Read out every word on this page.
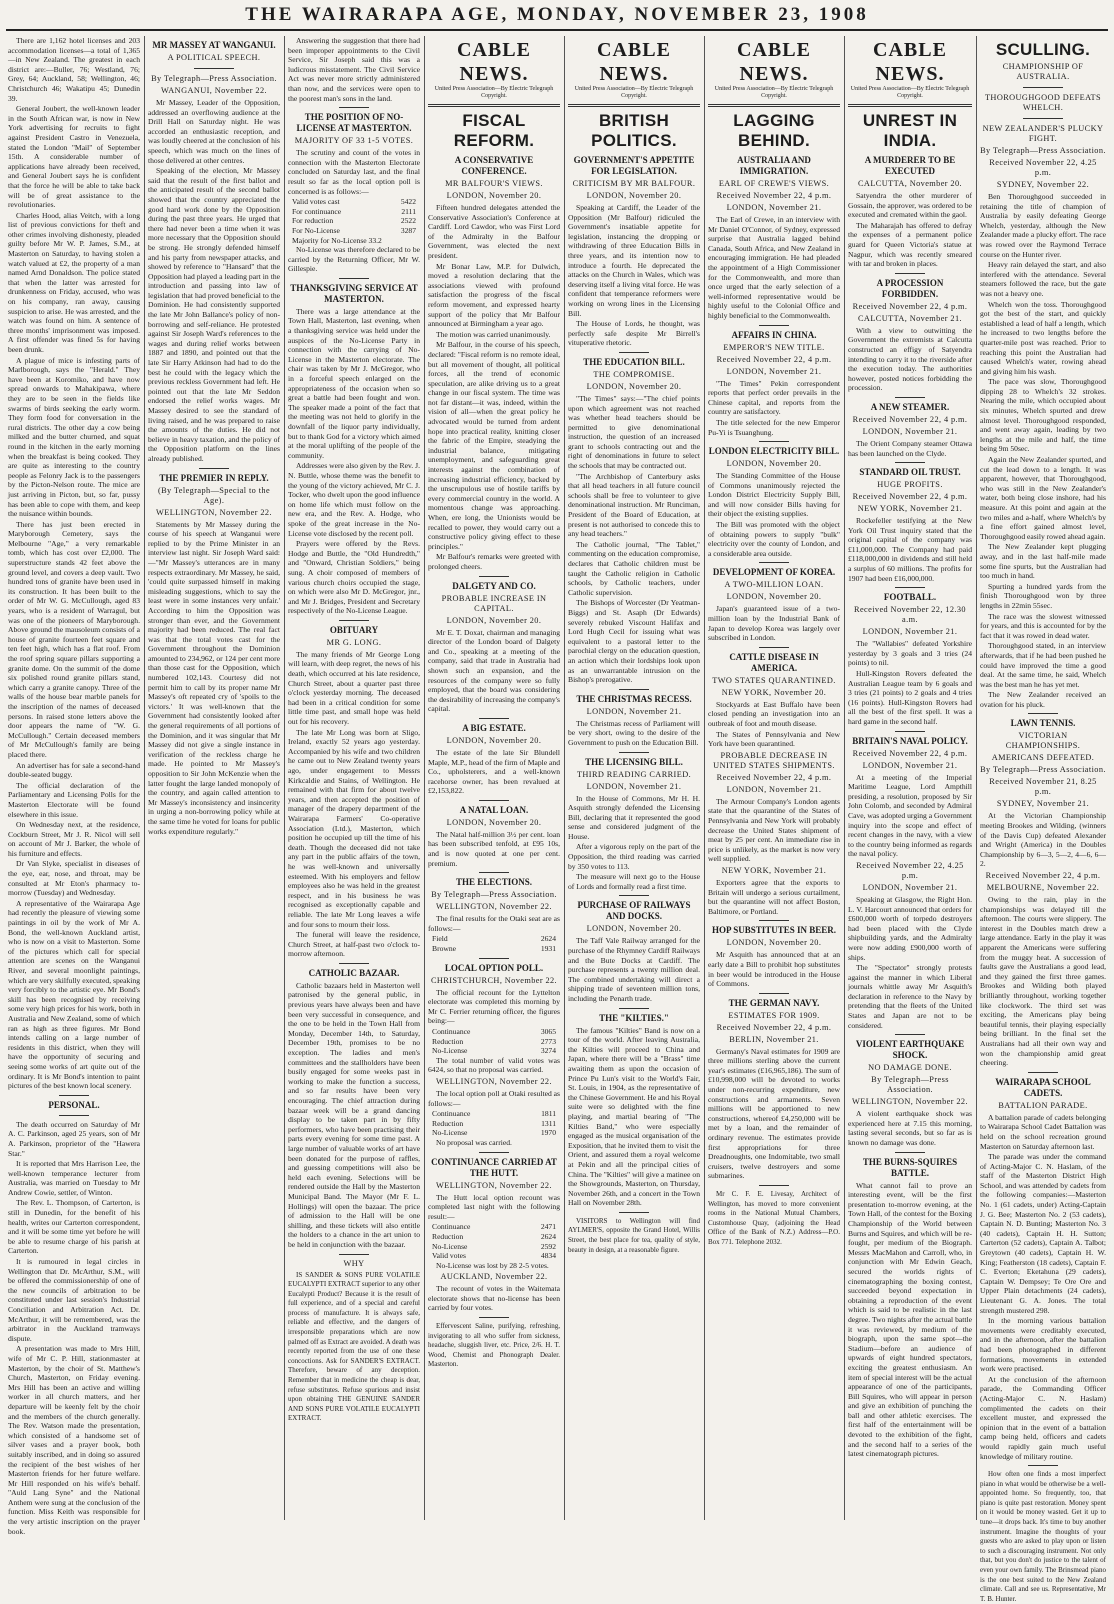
THE WAIRARAPA AGE, MONDAY, NOVEMBER 23, 1908

There are 1,162 hotel licenses and 203 accommodation licenses—a total of 1,365—in New Zealand. The greatest in each district are:—Buller, 76; Westland, 76; Grey, 64; Auckland, 58; Wellington, 46; Christchurch 46; Wakatipu 45; Dunedin 39.

General Joubert, the well-known leader in the South African war, is now in New York advertising for recruits to fight against President Castro in Venezuela, stated the London "Mail" of September 15th. A considerable number of applications have already been received, and General Joubert says he is confident that the force he will be able to take back will be of great assistance to the revolutionaries.

Charles Hood, alias Veitch, with a long list of previous convictions for theft and other crimes involving dishonesty, pleaded guilty before Mr W. P. James, S.M., at Masterton on Saturday, to having stolen a watch valued at £2, the property of a man named Arnd Donaldson. The police stated that when the latter was arrested for drunkenness on Friday, accused, who was on his company, ran away, causing suspicion to arise. He was arrested, and the watch was found on him. A sentence of three months' imprisonment was imposed. A first offender was fined 5s for having been drunk.

A plague of mice is infesting parts of Marlborough, says the "Herald." They have been at Koromiko, and have now spread onwards to Mahakipawa, where they are to be seen in the fields like swarms of birds seeking the early worm. They form food for conversation in the rural districts. The other day a cow being milked and the butter churned, and squat round in the kitchen in the early morning when the breakfast is being cooked. They are quite as interesting to the country people as Felonry Jack is to the passengers by the Picton-Nelson route. The mice are just arriving in Picton, but, so far, pussy has been able to cope with them, and keep the nuisance within bounds.

There has just been erected in Maryborough Cemetery, says the Melbourne "Age," a very remarkable tomb, which has cost over £2,000. The superstructure stands 42 feet above the ground level, and covers a deep vault. Two hundred tons of granite have been used in its construction. It has been built to the order of Mr W. G. McCullough, aged 83 years, who is a resident of Warragul, but was one of the pioneers of Maryborough. Above ground the mausoleum consists of a house of granite fourteen feet square and ten feet high, which has a flat roof. From the roof spring square pillars supporting a granite dome. On the summit of the dome six polished round granite pillars stand, which carry a granite canopy. Three of the walls of the house bear marble panels for the inscription of the names of deceased persons. In raised stone letters above the door appears the name of "W. G. McCullough." Certain deceased members of Mr McCullough's family are being placed there.

An advertiser has for sale a second-hand double-seated buggy.

The official declaration of the Parliamentary and Licensing Polls for the Masterton Electorate will be found elsewhere in this issue.

On Wednesday next, at the residence, Cockburn Street, Mr J. R. Nicol will sell on account of Mr J. Barker, the whole of his furniture and effects.

Dr Van Slyke, specialist in diseases of the eye, ear, nose, and throat, may be consulted at Mr Eton's pharmacy to-morrow (Tuesday) and Wednesday.

A representative of the Wairarapa Age had recently the pleasure of viewing some paintings in oil by the work of Mr A. Bond, the well-known Auckland artist, who is now on a visit to Masterton. Some of the pictures which call for special attention are scenes on the Wanganui River, and several moonlight paintings, which are very skilfully executed, speaking very forcibly to the artistic eye. Mr Bond's skill has been recognised by receiving some very high prices for his work, both in Australia and New Zealand, some of which ran as high as three figures. Mr Bond intends calling on a large number of residents in this district, when they will have the opportunity of securing and seeing some works of art quite out of the ordinary. It is Mr Bond's intention to paint pictures of the best known local scenery.

PERSONAL.

The death occurred on Saturday of Mr A. C. Parkinson, aged 25 years, son of Mr A. Parkinson, proprietor of the "Hawera Star."

It is reported that Mrs Harrison Lee, the well-known temperance lecturer from Australia, was married on Tuesday to Mr Andrew Cowie, settler, of Winton.

The Rev. L. Thompson, of Carterton, is still in Dunedin, for the benefit of his health, writes our Carterton correspondent, and it will be some time yet before he will be able to resume charge of his parish at Carterton.

It is rumoured in legal circles in Wellington that Dr. McArthur, S.M., will be offered the commissionership of one of the new councils of arbitration to be constituted under last session's Industrial Conciliation and Arbitration Act. Dr. McArthur, it will be remembered, was the arbitrator in the Auckland tramways dispute.

A presentation was made to Mrs Hill, wife of Mr C. P. Hill, stationmaster at Masterton, by the choir of St. Matthew's Church, Masterton, on Friday evening. Mrs Hill has been an active and willing worker in all church matters, and her departure will be keenly felt by the choir and the members of the church generally. The Rev. Watson made the presentation, which consisted of a handsome set of silver vases and a prayer book, both suitably inscribed, and in doing so assured the recipient of the best wishes of her Masterton friends for her future welfare. Mr Hill responded on his wife's behalf. "Auld Lang Syne" and the National Anthem were sung at the conclusion of the function. Miss Keith was responsible for the very artistic inscription on the prayer book.

MR MASSEY AT WANGANUI.
A POLITICAL SPEECH.
By Telegraph—Press Association.
WANGANUI, November 22.

Mr Massey, Leader of the Opposition, addressed an overflowing audience at the Drill Hall on Saturday night. He was accorded an enthusiastic reception, and was loudly cheered at the conclusion of his speech, which was much on the lines of those delivered at other centres.

Speaking of the election, Mr Massey said that the result of the first ballot and the anticipated result of the second ballot showed that the country appreciated the good hard work done by the Opposition during the past three years. He urged that there had never been a time when it was more necessary that the Opposition should be strong. He strongly defended himself and his party from newspaper attacks, and showed by reference to "Hansard" that the Opposition had played a leading part in the introduction and passing into law of legislation that had proved beneficial to the Dominion. He had consistently supported the late Mr John Ballance's policy of non-borrowing and self-reliance. He protested against Sir Joseph Ward's references to the wages and during relief works between 1887 and 1890, and pointed out that the late Sir Harry Atkinson had had to do the best he could with the legacy which the previous reckless Government had left. He pointed out that the late Mr Seddon endorsed the relief works wages. Mr Massey desired to see the standard of living raised, and he was prepared to raise the amounts of the duties. He did not believe in heavy taxation, and the policy of the Opposition platform on the lines already published.

THE PREMIER IN REPLY.
(By Telegraph—Special to the Age).
WELLINGTON, November 22.

Statements by Mr Massey during the course of his speech at Wanganui were replied to by the Prime Minister in an interview last night. Sir Joseph Ward said:—"Mr Massey's utterances are in many respects extraordinary. Mr Massey, he said, 'could quite surpassed himself in making misleading suggestions, which to say the least were in some instances very unfair.' According to him the Opposition was stronger than ever, and the Government majority had been reduced. The real fact was that the total votes cast for the Government throughout the Dominion amounted to 234,962, or 124 per cent more than those cast for the Opposition, which numbered 102,143. Courtesy did not permit him to call by its proper name Mr Massey's oft repeated cry of 'spoils to the victors.' It was well-known that the Government had consistently looked after the general requirements of all portions of the Dominion, and it was singular that Mr Massey did not give a single instance in verification of the reckless charge he made. He pointed to Mr Massey's opposition to Sir John McKenzie when the latter fought the large landed monopoly of the country, and again called attention to Mr Massey's inconsistency and insincerity in urging a non-borrowing policy while at the same time he voted for loans for public works expenditure regularly."

Answering the suggestion that there had been improper appointments to the Civil Service, Sir Joseph said this was a ludicrous misstatement. The Civil Service Act was never more strictly administered than now, and the services were open to the poorest man's sons in the land.

THE POSITION OF NO-LICENSE AT MASTERTON.
MAJORITY OF 33 1-5 VOTES.

The scrutiny and count of the votes in connection with the Masterton Electorate concluded on Saturday last, and the final result so far as the local option poll is concerned is as follows:—

Valid votes cast	5422
For continuance	2111
For reduction	2522
For No-License	3287
Majority for No-License 33.2

No-License was therefore declared to be carried by the Returning Officer, Mr W. Gillespie.

THANKSGIVING SERVICE AT MASTERTON.

There was a large attendance at the Town Hall, Masterton, last evening, when a thanksgiving service was held under the auspices of the No-License Party in connection with the carrying of No-License in the Masterton electorate. The chair was taken by Mr J. McGregor, who in a forceful speech enlarged on the appropriateness of the occasion when so great a battle had been fought and won. The speaker made a point of the fact that the meeting was not held to glorify in the downfall of the liquor party individually, but to thank God for a victory which aimed at the moral uplifting of the people of the community.

Addresses were also given by the Rev. J. N. Buttle, whose theme was the benefit to the young of the victory achieved, Mr C. J. Tocker, who dwelt upon the good influence on home life which must follow on the new era, and the Rev. A. Hodge, who spoke of the great increase in the No-License vote disclosed by the recent poll.

Prayers were offered by the Revs. Hodge and Buttle, the "Old Hundredth," and "Onward, Christian Soldiers," being sung. A choir composed of members of various church choirs occupied the stage, on which were also Mr D. McGregor, jnr., and Mr J. Bridges, President and Secretary respectively of the No-License League.

OBITUARY
MR G. LONG.

The many friends of Mr George Long will learn, with deep regret, the news of his death, which occurred at his late residence, Church Street, about a quarter past three o'clock yesterday morning. The deceased had been in a critical condition for some little time past, and small hope was held out for his recovery.

The late Mr Long was born at Sligo, Ireland, exactly 52 years ago yesterday. Accompanied by his wife and two children he came out to New Zealand twenty years ago, under engagement to Messrs Kirkcaldie and Stains, of Wellington. He remained with that firm for about twelve years, and then accepted the position of manager of the drapery department of the Wairarapa Farmers' Co-operative Association (Ltd.), Masterton, which position he occupied up till the time of his death. Though the deceased did not take any part in the public affairs of the town, he was well-known and universally esteemed. With his employers and fellow employees also he was held in the greatest respect, and in his business he was recognised as exceptionally capable and reliable. The late Mr Long leaves a wife and four sons to mourn their loss.

The funeral will leave the residence, Church Street, at half-past two o'clock to-morrow afternoon.

CATHOLIC BAZAAR.

Catholic bazaars held in Masterton well patronised by the general public, in previous years have always been and have been very successful in consequence, and the one to be held in the Town Hall from Monday, December 14th, to Saturday, December 19th, promises to be no exception. The ladies and men's committees and the stallholders have been busily engaged for some weeks past in working to make the function a success, and so far results have been very encouraging. The chief attraction during bazaar week will be a grand dancing display to be taken part in by fifty performers, who have been practising their parts every evening for some time past. A large number of valuable works of art have been donated for the purpose of raffles, and guessing competitions will also be held each evening. Selections will be rendered outside the Hall by the Masterton Municipal Band. The Mayor (Mr F. L. Hollings) will open the bazaar. The price of admission to the Hall will be one shilling, and these tickets will also entitle the holders to a chance in the art union to be held in conjunction with the bazaar.

WHY

IS SANDER & SONS PURE VOLATILE EUCALYPTI EXTRACT superior to any other Eucalypti Product? Because it is the result of full experience, and of a special and careful process of manufacture. It is always safe, reliable and effective, and the dangers of irresponsible preparations which are now palmed off as Extract are avoided. A death was recently reported from the use of one these concoctions. Ask for SANDER'S EXTRACT. Therefore, beware of any deception. Remember that in medicine the cheap is dear, refuse substitutes. Refuse spurious and insist upon obtaining THE GENUINE SANDER AND SONS PURE VOLATILE EUCALYPTI EXTRACT.

CABLE NEWS.
United Press Association—By Electric Telegraph Copyright.
FISCAL REFORM.
A CONSERVATIVE CONFERENCE.
MR BALFOUR'S VIEWS.
LONDON, November 20.

Fifteen hundred delegates attended the Conservative Association's Conference at Cardiff. Lord Cawdor, who was First Lord of the Admiralty in the Balfour Government, was elected the next president.

Mr Bonar Law, M.P. for Dulwich, moved a resolution declaring that the associations viewed with profound satisfaction the progress of the fiscal reform movement, and expressed hearty support of the policy that Mr Balfour announced at Birmingham a year ago.

The motion was carried unanimously.

Mr Balfour, in the course of his speech, declared: "Fiscal reform is no remote ideal, but all movement of thought, all political forces, all the trend of economic speculation, are alike driving us to a great change in our fiscal system. The time was not far distant—it was, indeed, within the vision of all—when the great policy he advocated would be turned from ardent hope into practical reality, knitting closer the fabric of the Empire, steadying the industrial balance, mitigating unemployment, and safeguarding great interests against the combination of increasing industrial efficiency, backed by the unscrupulous use of hostile tariffs by every commercial country in the world. A momentous change was approaching. When, ere long, the Unionists would be recalled to power, they would carry out a constructive policy giving effect to these principles."

Mr Balfour's remarks were greeted with prolonged cheers.

DALGETY AND CO.
PROBABLE INCREASE IN CAPITAL.
LONDON, November 20.

Mr E. T. Doxat, chairman and managing director of the London board of Dalgety and Co., speaking at a meeting of the company, said that trade in Australia had shown such an expansion, and the resources of the company were so fully employed, that the board was considering the desirability of increasing the company's capital.

A BIG ESTATE.
LONDON, November 20.

The estate of the late Sir Blundell Maple, M.P., head of the firm of Maple and Co., upholsterers, and a well-known racehorse owner, has been revalued at £2,153,822.

A NATAL LOAN.
LONDON, November 20.

The Natal half-million 3½ per cent. loan has been subscribed tenfold, at £95 10s, and is now quoted at one per cent. premium.

THE ELECTIONS.
By Telegraph—Press Association.
WELLINGTON, November 22.

The final results for the Otaki seat are as follows:—

Field	2624
Browne	1931
LOCAL OPTION POLL.
CHRISTCHURCH, November 22.

The official recount for the Lyttelton electorate was completed this morning by Mr C. Ferrier returning officer, the figures being:—

Continuance	3065
Reduction	2773
No-License	3274

The total number of valid votes was 6424, so that no proposal was carried.

WELLINGTON, November 22.

The local option poll at Otaki resulted as follows:—

Continuance	1811
Reduction	1311
No-License	1970

No proposal was carried.

CONTINUANCE CARRIED AT THE HUTT.
WELLINGTON, November 22.

The Hutt local option recount was completed last night with the following result:—

Continuance	2471
Reduction	2624
No-License	2592
Valid votes	4834

No-License was lost by 28 2-5 votes.

AUCKLAND, November 22.

The recount of votes in the Waitemata electorate shows that no-license has been carried by four votes.

Effervescent Saline, purifying, refreshing, invigorating to all who suffer from sickness, headache, sluggish liver, etc. Price, 2/6. H. T. Wood, Chemist and Phonograph Dealer. Masterton.

CABLE NEWS.
United Press Association—By Electric Telegraph Copyright.
BRITISH POLITICS.
GOVERNMENT'S APPETITE FOR LEGISLATION.
CRITICISM BY MR BALFOUR.
LONDON, November 20.

Speaking at Cardiff, the Leader of the Opposition (Mr Balfour) ridiculed the Government's insatiable appetite for legislation, instancing the dropping or withdrawing of three Education Bills in three years, and its intention now to introduce a fourth. He deprecated the attacks on the Church in Wales, which was deserving itself a living vital force. He was confident that temperance reformers were working on wrong lines in the Licensing Bill.

The House of Lords, he thought, was perfectly safe despite Mr Birrell's vituperative rhetoric.

THE EDUCATION BILL.
THE COMPROMISE.
LONDON, November 20.

"The Times" says:—"The chief points upon which agreement was not reached was whether head teachers should be permitted to give denominational instruction, the question of an increased grant to schools contracting out and the right of denominations in future to select the schools that may be contracted out.

"The Archbishop of Canterbury asks that all head teachers in all future council schools shall be free to volunteer to give denominational instruction. Mr Runciman, President of the Board of Education, at present is not authorised to concede this to any head teachers."

The Catholic journal, "The Tablet," commenting on the education compromise, declares that Catholic children must be taught the Catholic religion in Catholic schools, by Catholic teachers, under Catholic supervision.

The Bishops of Worcester (Dr Yeatman-Biggs) and St. Asaph (Dr Edwards) severely rebuked Viscount Halifax and Lord Hugh Cecil for issuing what was equivalent to a pastoral letter to the parochial clergy on the education question, an action which their lordships look upon as an unwarrantable intrusion on the Bishop's prerogative.

THE CHRISTMAS RECESS.
LONDON, November 21.

The Christmas recess of Parliament will be very short, owing to the desire of the Government to push on the Education Bill.

THE LICENSING BILL.
THIRD READING CARRIED.
LONDON, November 21.

In the House of Commons, Mr H. H. Asquith strongly defended the Licensing Bill, declaring that it represented the good sense and considered judgment of the House.

After a vigorous reply on the part of the Opposition, the third reading was carried by 350 votes to 113.

The measure will next go to the House of Lords and formally read a first time.

PURCHASE OF RAILWAYS AND DOCKS.
LONDON, November 20.

The Taff Vale Railway arranged for the purchase of the Rhymney Cardiff Railways and the Bute Docks at Cardiff. The purchase represents a twenty million deal. The combined undertaking will direct a shipping trade of seventeen million tons, including the Penarth trade.

THE "KILTIES."

The famous "Kilties" Band is now on a tour of the world. After leaving Australia, the Kilties will proceed to China and Japan, where there will be a "Brass" time awaiting them as upon the occasion of Prince Pu Lun's visit to the World's Fair, St. Louis, in 1904, as the representative of the Chinese Government. He and his Royal suite were so delighted with the fine playing, and martial bearing of "The Kilties Band," who were especially engaged as the musical organisation of the Exposition, that he invited them to visit the Orient, and assured them a royal welcome at Pekin and all the principal cities of China. The "Kilties" will give a matinee on the Showgrounds, Masterton, on Thursday, November 26th, and a concert in the Town Hall on November 28th.

VISITORS to Wellington will find AYLMER'S, opposite the Grand Hotel, Willis Street, the best place for tea, quality of style, beauty in design, at a reasonable figure.

CABLE NEWS.
United Press Association—By Electric Telegraph Copyright.
LAGGING BEHIND.
AUSTRALIA AND IMMIGRATION.
EARL OF CREWE'S VIEWS.
Received November 22, 4 p.m.
LONDON, November 21.

The Earl of Crewe, in an interview with Mr Daniel O'Connor, of Sydney, expressed surprise that Australia lagged behind Canada, South Africa, and New Zealand in encouraging immigration. He had pleaded the appointment of a High Commissioner for the Commonwealth, and more than once urged that the early selection of a well-informed representative would be highly useful to the Colonial Office and highly beneficial to the Commonwealth.

AFFAIRS IN CHINA.
EMPEROR'S NEW TITLE.
Received November 22, 4 p.m.
LONDON, November 21.

"The Times" Pekin correspondent reports that perfect order prevails in the Chinese capital, and reports from the country are satisfactory.

The title selected for the new Emperor Pu-Yi is Tsuanghung.

LONDON ELECTRICITY BILL.
LONDON, November 20.

The Standing Committee of the House of Commons unanimously rejected the London District Electricity Supply Bill, and will now consider Bills having for their object the existing supplies.

The Bill was promoted with the object of obtaining powers to supply "bulk" electricity over the county of London, and a considerable area outside.

DEVELOPMENT OF KOREA.
A TWO-MILLION LOAN.
LONDON, November 20.

Japan's guaranteed issue of a two-million loan by the Industrial Bank of Japan to develop Korea was largely over subscribed in London.

CATTLE DISEASE IN AMERICA.
TWO STATES QUARANTINED.
NEW YORK, November 20.

Stockyards at East Buffalo have been closed pending an investigation into an outbreak of foot and mouth disease.

The States of Pennsylvania and New York have been quarantined.

PROBABLE DECREASE IN UNITED STATES SHIPMENTS.
Received November 22, 4 p.m.
LONDON, November 21.

The Armour Company's London agents state that the quarantine of the States of Pennsylvania and New York will probably decrease the United States shipment of meat by 25 per cent. An immediate rise in price is unlikely, as the market is now very well supplied.

NEW YORK, November 21.

Exporters agree that the exports to Britain will undergo a serious curtailment, but the quarantine will not affect Boston, Baltimore, or Portland.

HOP SUBSTITUTES IN BEER.
LONDON, November 20.

Mr Asquith has announced that at an early date a Bill to prohibit hop substitutes in beer would be introduced in the House of Commons.

THE GERMAN NAVY.
ESTIMATES FOR 1909.
Received November 22, 4 p.m.
BERLIN, November 21.

Germany's Naval estimates for 1909 are three millions sterling above the current year's estimates (£16,965,186). The sum of £10,998,000 will be devoted to works under non-recurring expenditure, new constructions and armaments. Seven millions will be apportioned to new constructions, whereof £4,250,000 will be met by a loan, and the remainder of ordinary revenue. The estimates provide first appropriations for three Dreadnoughts, one Indomitable, two small cruisers, twelve destroyers and some submarines.

Mr C. F. E. Livesay, Architect of Wellington, has moved to more convenient rooms in the National Mutual Chambers, Customhouse Quay, (adjoining the Head Office of the Bank of N.Z.) Address—P.O. Box 771. Telephone 2032.

CABLE NEWS.
United Press Association—By Electric Telegraph Copyright.
UNREST IN INDIA.
A MURDERER TO BE EXECUTED
CALCUTTA, November 20.

Satyendra the other murderer of Gossain, the approver, was ordered to be executed and cremated within the gaol.

The Maharajah has offered to defray the expenses of a permanent police guard for Queen Victoria's statue at Nagpur, which was recently smeared with tar and broken in places.

A PROCESSION FORBIDDEN.
Received November 22, 4 p.m.
CALCUTTA, November 21.

With a view to outwitting the Government the extremists at Calcutta constructed an effigy of Satyendra intending to carry it to the riverside after the execution today. The authorities however, posted notices forbidding the procession.

A NEW STEAMER.
Received November 22, 4 p.m.
LONDON, November 21.

The Orient Company steamer Ottawa has been launched on the Clyde.

STANDARD OIL TRUST.
HUGE PROFITS.
Received November 22, 4 p.m.
NEW YORK, November 21.

Rockefeller testifying at the New York Oil Trust inquiry stated that the original capital of the company was £11,000,000. The Company had paid £118,000,000 in dividends and still held a surplus of 60 millions. The profits for 1907 had been £16,000,000.

FOOTBALL.
Received November 22, 12.30 a.m.
LONDON, November 21.

The "Wallabies" defeated Yorkshire yesterday by 3 goals and 3 tries (24 points) to nil.

Hull-Kingston Rovers defeated the Australian League team by 6 goals and 3 tries (21 points) to 2 goals and 4 tries (16 points). Hull-Kingston Rovers had all the best of the first spell. It was a hard game in the second half.

BRITAIN'S NAVAL POLICY.
Received November 22, 4 p.m.
LONDON, November 21.

At a meeting of the Imperial Maritime League, Lord Ampthill presiding, a resolution, proposed by Sir John Colomb, and seconded by Admiral Cave, was adopted urging a Government inquiry into the scope and effect of recent changes in the navy, with a view to the country being informed as regards the naval policy.

Received November 22, 4.25 p.m.
LONDON, November 21.

Speaking at Glasgow, the Right Hon. L. V. Harcourt announced that orders for £600,000 worth of torpedo destroyers had been placed with the Clyde shipbuilding yards, and the Admiralty were now adding £900,000 worth of ships.

The "Spectator" strongly protests against the manner in which Liberal journals whittle away Mr Asquith's declaration in reference to the Navy by pretending that the fleets of the United States and Japan are not to be considered.

VIOLENT EARTHQUAKE SHOCK.
NO DAMAGE DONE.
By Telegraph—Press Association.
WELLINGTON, November 22.

A violent earthquake shock was experienced here at 7.15 this morning, lasting several seconds, but so far as is known no damage was done.

THE BURNS-SQUIRES BATTLE.

What cannot fail to prove an interesting event, will be the first presentation to-morrow evening, at the Town Hall, of the contest for the Boxing Championship of the World between Burns and Squires, and which will be re-fought, per medium of the Biograph. Messrs MacMahon and Carroll, who, in conjunction with Mr Edwin Geach, secured the worlds rights of cinematographing the boxing contest, succeeded beyond expectation in obtaining a reproduction of the event which is said to be realistic in the last degree. Two nights after the actual battle it was reviewed, by medium of the biograph, upon the same spot—the Stadium—before an audience of upwards of eight hundred spectators, exciting the greatest enthusiasm. An item of special interest will be the actual appearance of one of the participants, Bill Squires, who will appear in person and give an exhibition of punching the ball and other athletic exercises. The first half of the entertainment will be devoted to the exhibition of the fight, and the second half to a series of the latest cinematograph pictures.

SCULLING.
CHAMPIONSHIP OF AUSTRALIA.
THOROUGHGOOD DEFEATS WHELCH.
NEW ZEALANDER'S PLUCKY FIGHT.
By Telegraph—Press Association.
Received November 22, 4.25 p.m.
SYDNEY, November 22.

Ben Thoroughgood succeeded in retaining the title of champion of Australia by easily defeating George Whelch, yesterday, although the New Zealander made a plucky effort. The race was rowed over the Raymond Terrace course on the Hunter river.

Heavy rain delayed the start, and also interfered with the attendance. Several steamers followed the race, but the gate was not a heavy one.

Whelch won the toss. Thoroughgood got the best of the start, and quickly established a lead of half a length, which he increased to two lengths before the quarter-mile post was reached. Prior to reaching this point the Australian had caused Whelch's water, rowing ahead and giving him his wash.

The pace was slow, Thoroughgood dipping 28 to Whelch's 32 strokes. Nearing the mile, which occupied about six minutes, Whelch spurted and drew almost level. Thoroughgood responded, and went away again, leading by two lengths at the mile and half, the time being 9m 50sec.

Again the New Zealander spurted, and cut the lead down to a length. It was apparent, however, that Thoroughgood, who was still in the New Zealander's water, both being close inshore, had his measure. At this point and again at the two miles and a-half, where Whelch's by a fine effort gained almost level, Thoroughgood easily rowed ahead again.

The New Zealander kept plugging away, and in the last half-mile made some fine spurts, but the Australian had too much in hand.

Spurting a hundred yards from the finish Thoroughgood won by three lengths in 22min 55sec.

The race was the slowest witnessed for years, and this is accounted for by the fact that it was rowed in dead water.

Thoroughgood stated, in an interview afterwards, that if he had been pushed he could have improved the time a good deal. At the same time, he said, Whelch was the best man he has yet met.

The New Zealander received an ovation for his pluck.

LAWN TENNIS.
VICTORIAN CHAMPIONSHIPS.
AMERICANS DEFEATED.
By Telegraph—Press Association.
Received November 21, 8.25 p.m.
SYDNEY, November 21.

At the Victorian Championship meeting Brookes and Wilding, (winners of the Davis Cup) defeated Alexander and Wright (America) in the Doubles Championship by 6—3, 5—2, 4—6, 6—2.

Received November 22, 4 p.m.
MELBOURNE, November 22.

Owing to the rain, play in the championships was delayed till the afternoon. The courts were slippery. The interest in the Doubles match drew a large attendance. Early in the play it was apparent the Americans were suffering from the muggy heat. A succession of faults gave the Australians a good lead, and they gained the first three games. Brookes and Wilding both played brilliantly throughout, working together like clockwork. The third set was exciting, the Americans play being beautiful tennis, their playing especially being brilliant. In the final set the Australians had all their own way and won the championship amid great cheering.

WAIRARAPA SCHOOL CADETS.
BATTALION PARADE.

A battalion parade of cadets belonging to Wairarapa School Cadet Battalion was held on the school recreation ground Masterton on Saturday afternoon last.

The parade was under the command of Acting-Major C. N. Haslam, of the staff of the Masterton District High School, and was attended by cadets from the following companies:—Masterton No. 1 (61 cadets, under) Acting-Captain J. G. Bee; Masterton No. 2 (53 cadets), Captain N. D. Bunting; Masterton No. 3 (40 cadets), Captain H. H. Sutton; Carterton (52 cadets), Captain A. Talbot; Greytown (40 cadets), Captain H. W. King; Featherston (18 cadets), Captain F. C. Everton; Eketahuna (29 cadets), Captain W. Dempsey; Te Ore Ore and Upper Plain detachments (24 cadets), Lieutenant G. A. Jones. The total strength mustered 298.

In the morning various battalion movements were creditably executed, and in the afternoon, after the battalion had been photographed in different formations, movements in extended work were practised.

At the conclusion of the afternoon parade, the Commanding Officer (Acting-Major C. N. Haslam) complimented the cadets on their excellent muster, and expressed the opinion that in the event of a battalion camp being held, officers and cadets would rapidly gain much useful knowledge of military routine.

How often one finds a most imperfect piano in what would be otherwise be a well-appointed home. So frequently, too, that piano is quite past restoration. Money spent on it would be money wasted. Get it up to tune—it drops back. It's time to buy another instrument. Imagine the thoughts of your guests who are asked to play upon or listen to such a discouraging instrument. Not only that, but you don't do justice to the talent of even your own family. The Brinsmead piano is the one best suited to the New Zealand climate. Call and see us. Representative, Mr T. B. Hunter.
